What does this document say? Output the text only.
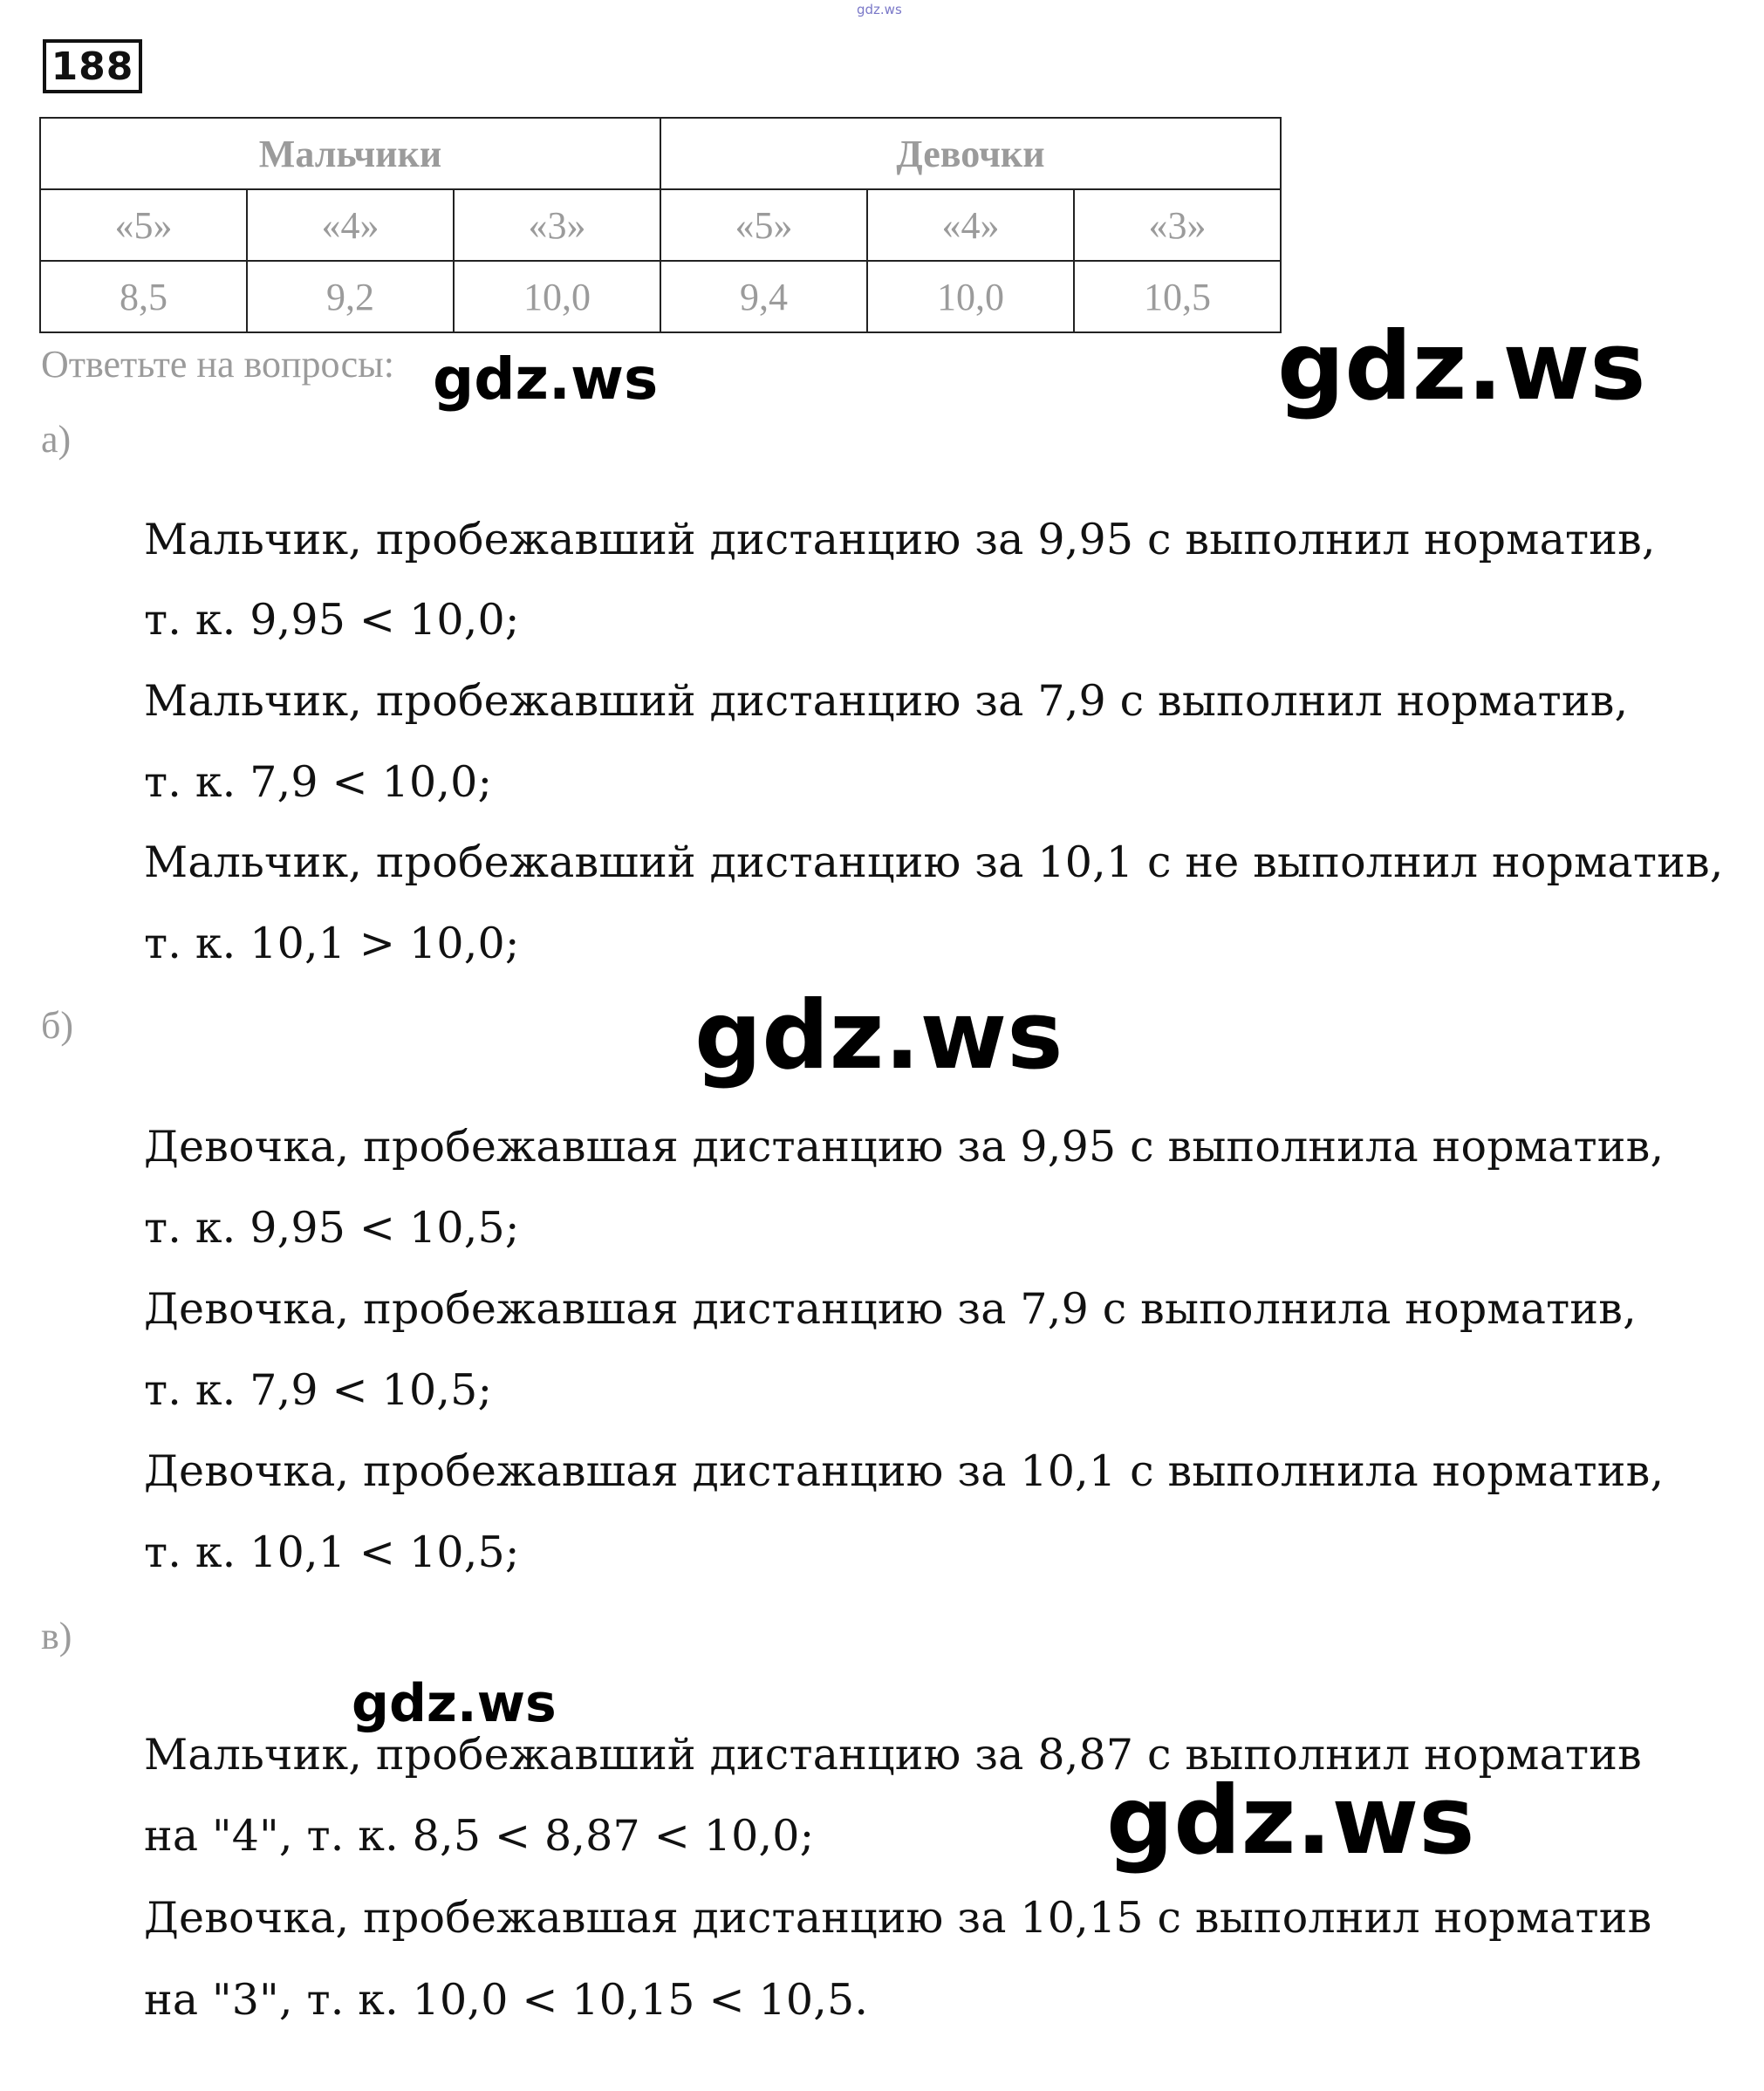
gdz.ws
188
Мальчики			Девочки		
«5»	«4»	«3»	«5»	«4»	«3»
8,5	9,2	10,0	9,4	10,0	10,5
Ответьте на вопросы:
а)
Мальчик, пробежавший дистанцию за 9,95 с выполнил норматив,
т. к. 9,95 < 10,0;
Мальчик, пробежавший дистанцию за 7,9 с выполнил норматив,
т. к. 7,9 < 10,0;
Мальчик, пробежавший дистанцию за 10,1 с не выполнил норматив,
т. к. 10,1 > 10,0;
б)
Девочка, пробежавшая дистанцию за 9,95 с выполнила норматив,
т. к. 9,95 < 10,5;
Девочка, пробежавшая дистанцию за 7,9 с выполнила норматив,
т. к. 7,9 < 10,5;
Девочка, пробежавшая дистанцию за 10,1 с выполнила норматив,
т. к. 10,1 < 10,5;
в)
Мальчик, пробежавший дистанцию за 8,87 с выполнил норматив
на "4", т. к. 8,5 < 8,87 < 10,0;
Девочка, пробежавшая дистанцию за 10,15 с выполнил норматив
на "3", т. к. 10,0 < 10,15 < 10,5.
gdz.ws	gdz.ws
gdz.ws
gdz.ws
gdz.ws
